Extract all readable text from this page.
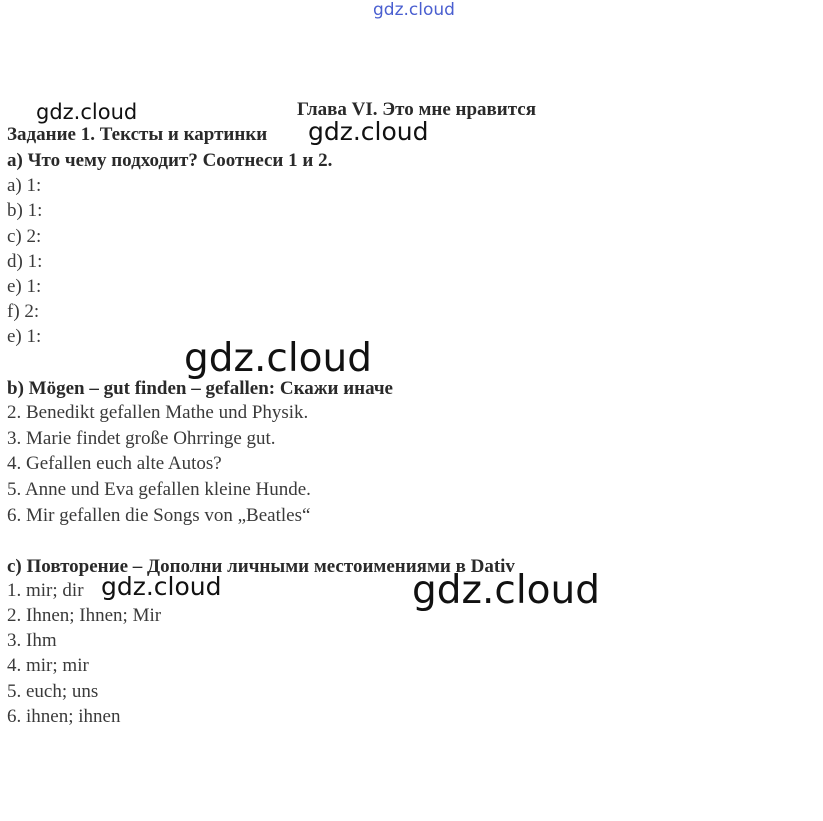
gdz.cloud
Глава VI. Это мне нравится
Задание 1. Тексты и картинки
а) Что чему подходит? Соотнеси 1 и 2.
a) 1:
b) 1:
c) 2:
d) 1:
e) 1:
f) 2:
e) 1:
b) Mögen – gut finden – gefallen: Скажи иначе
2. Benedikt gefallen Mathe und Physik.
3. Marie findet große Ohrringe gut.
4. Gefallen euch alte Autos?
5. Anne und Eva gefallen kleine Hunde.
6. Mir gefallen die Songs von „Beatles“
c) Повторение – Дополни личными местоимениями в Dativ
1. mir; dir
2. Ihnen; Ihnen; Mir
3. Ihm
4. mir; mir
5. euch; uns
6. ihnen; ihnen
gdz.cloud
gdz.cloud
gdz.cloud
gdz.cloud	gdz.cloud
